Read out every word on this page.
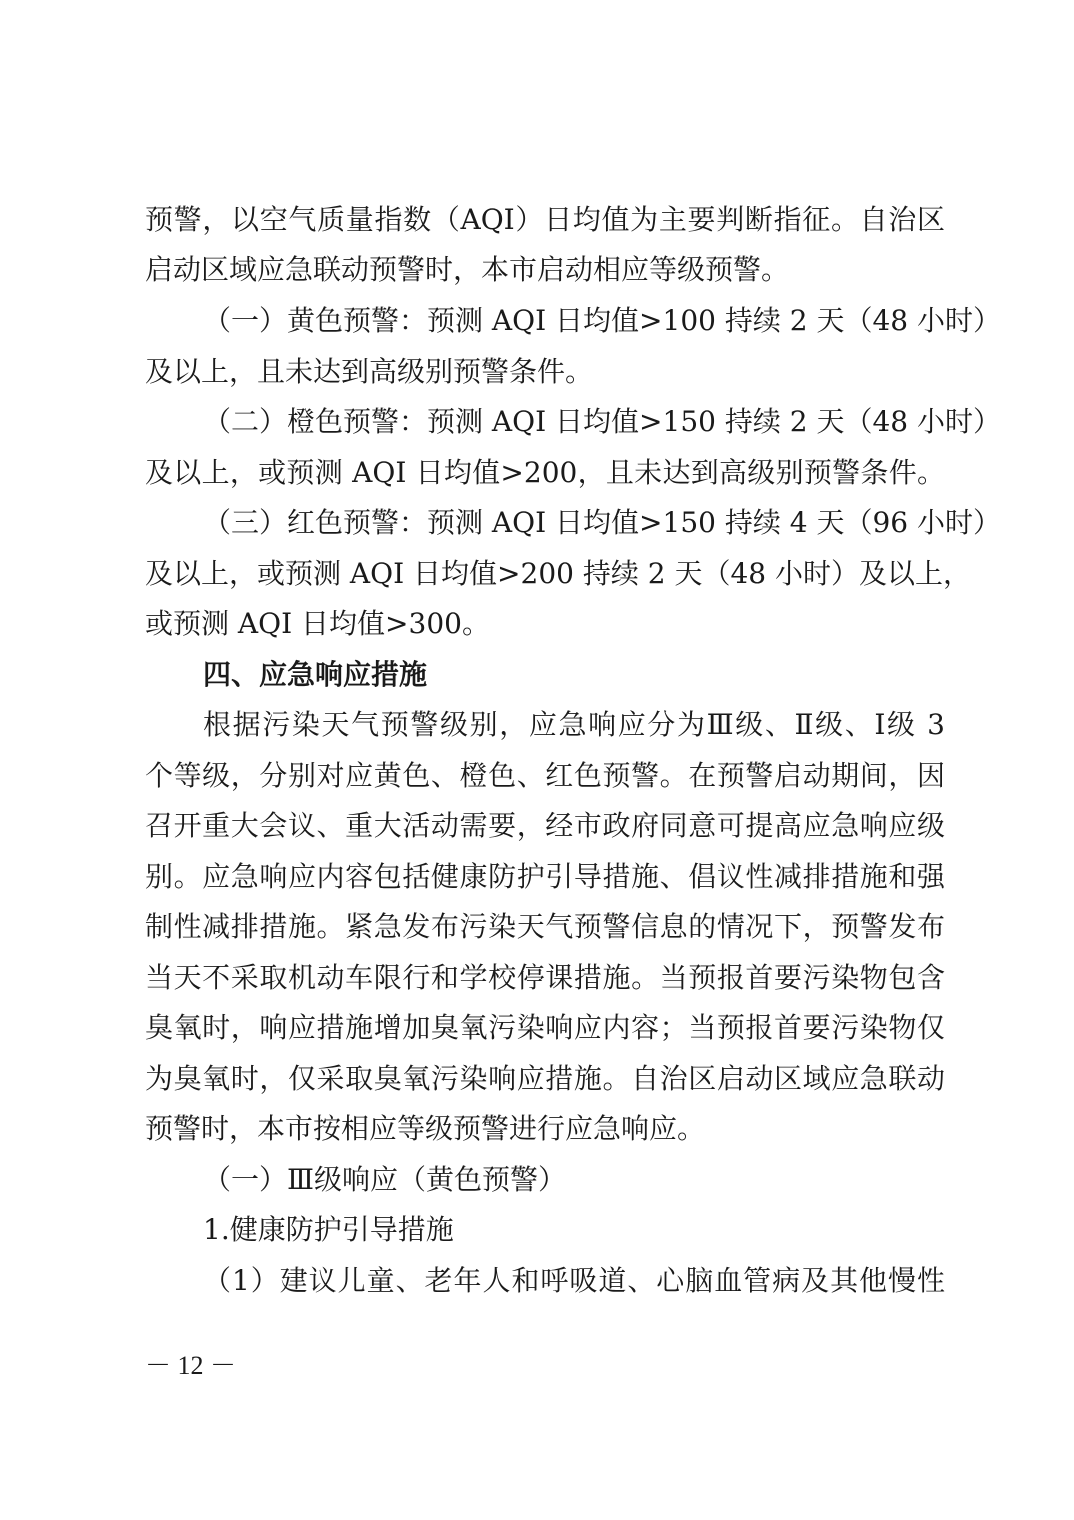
预警，以空气质量指数（AQI）日均值为主要判断指征。自治区
启动区域应急联动预警时，本市启动相应等级预警。
（一）黄色预警：预测 AQI 日均值>100 持续 2 天（48 小时）
及以上，且未达到高级别预警条件。
（二）橙色预警：预测 AQI 日均值>150 持续 2 天（48 小时）
及以上，或预测 AQI 日均值>200，且未达到高级别预警条件。
（三）红色预警：预测 AQI 日均值>150 持续 4 天（96 小时）
及以上，或预测 AQI 日均值>200 持续 2 天（48 小时）及以上，
或预测 AQI 日均值>300。
四、应急响应措施
根据污染天气预警级别，应急响应分为Ⅲ级、Ⅱ级、Ⅰ级 3
个等级，分别对应黄色、橙色、红色预警。在预警启动期间，因
召开重大会议、重大活动需要，经市政府同意可提高应急响应级
别。应急响应内容包括健康防护引导措施、倡议性减排措施和强
制性减排措施。紧急发布污染天气预警信息的情况下，预警发布
当天不采取机动车限行和学校停课措施。当预报首要污染物包含
臭氧时，响应措施增加臭氧污染响应内容；当预报首要污染物仅
为臭氧时，仅采取臭氧污染响应措施。自治区启动区域应急联动
预警时，本市按相应等级预警进行应急响应。
（一）Ⅲ级响应（黄色预警）
1.健康防护引导措施
（1）建议儿童、老年人和呼吸道、心脑血管病及其他慢性
－ 12 －
